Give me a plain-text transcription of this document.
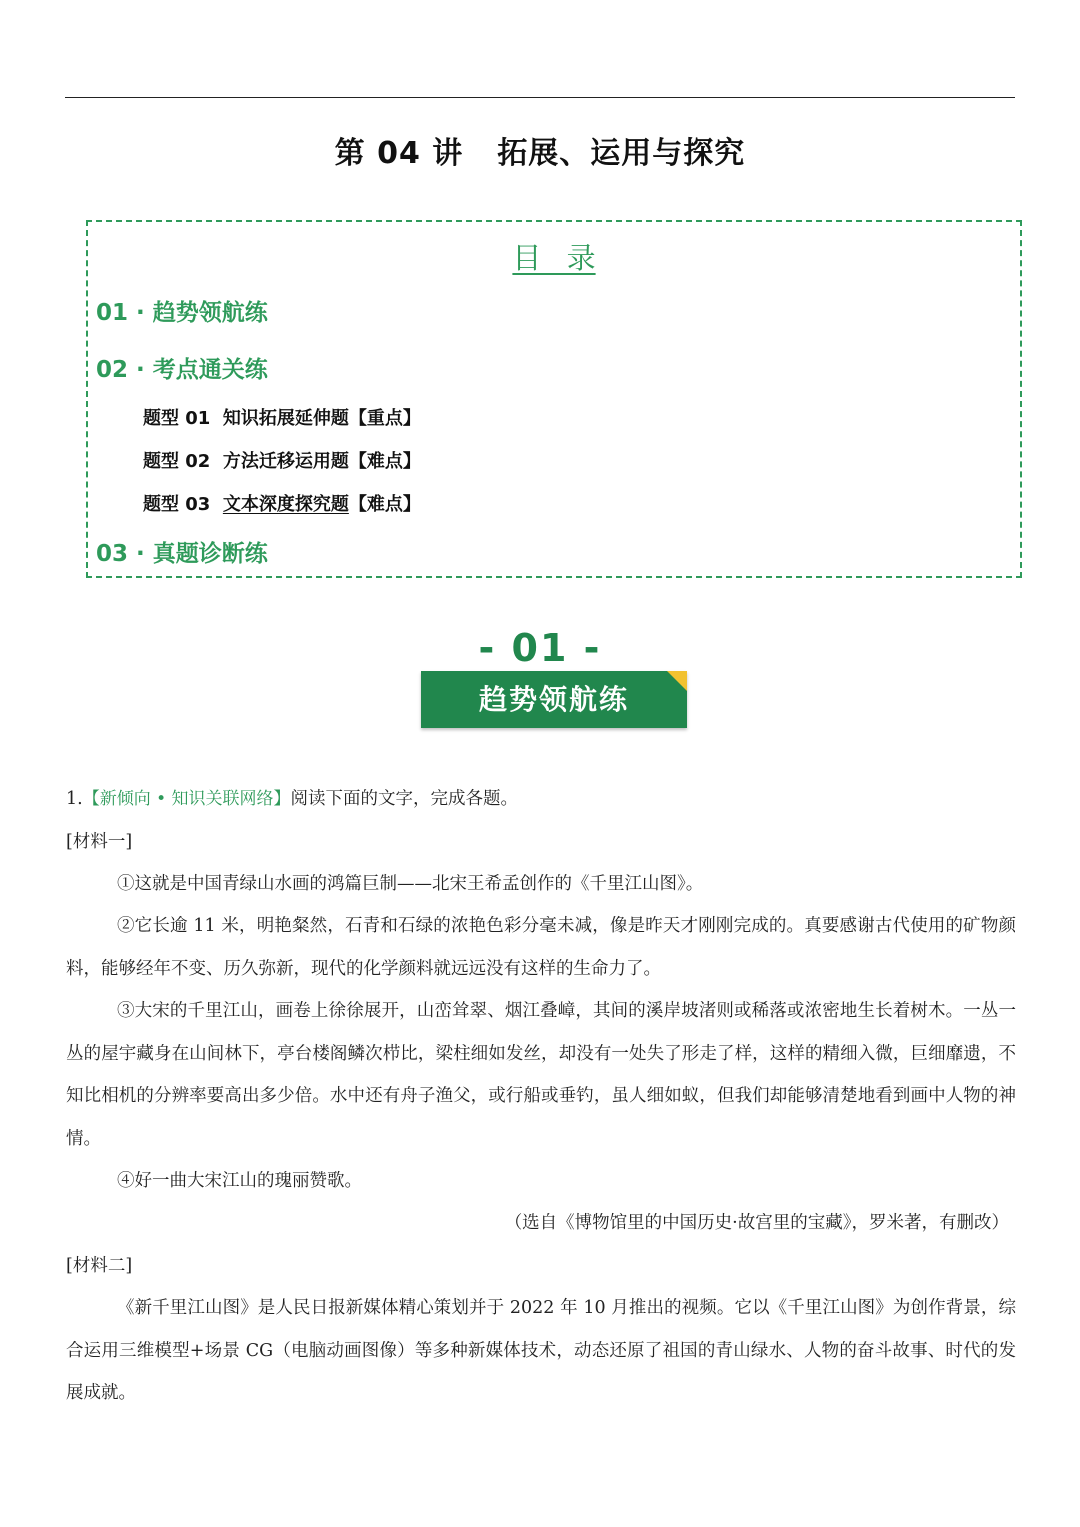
第 04 讲 拓展、运用与探究
目 录
01 · 趋势领航练
02 · 考点通关练
题型 01 知识拓展延伸题【重点】
题型 02 方法迁移运用题【难点】
题型 03 文本深度探究题【难点】
03 · 真题诊断练
- 01 -
趋势领航练
1.【新倾向 • 知识关联网络】阅读下面的文字，完成各题。
[材料一]
①这就是中国青绿山水画的鸿篇巨制——北宋王希孟创作的《千里江山图》。
②它长逾 11 米，明艳粲然，石青和石绿的浓艳色彩分毫未减，像是昨天才刚刚完成的。真要感谢古代使用的矿物颜料，能够经年不变、历久弥新，现代的化学颜料就远远没有这样的生命力了。
③大宋的千里江山，画卷上徐徐展开，山峦耸翠、烟江叠嶂，其间的溪岸坡渚则或稀落或浓密地生长着树木。一丛一丛的屋宇藏身在山间林下，亭台楼阁鳞次栉比，梁柱细如发丝，却没有一处失了形走了样，这样的精细入微，巨细靡遗，不知比相机的分辨率要高出多少倍。水中还有舟子渔父，或行船或垂钓，虽人细如蚁，但我们却能够清楚地看到画中人物的神情。
④好一曲大宋江山的瑰丽赞歌。
（选自《博物馆里的中国历史·故宫里的宝藏》，罗米著，有删改）
[材料二]
《新千里江山图》是人民日报新媒体精心策划并于 2022 年 10 月推出的视频。它以《千里江山图》为创作背景，综合运用三维模型+场景 CG（电脑动画图像）等多种新媒体技术，动态还原了祖国的青山绿水、人物的奋斗故事、时代的发展成就。
